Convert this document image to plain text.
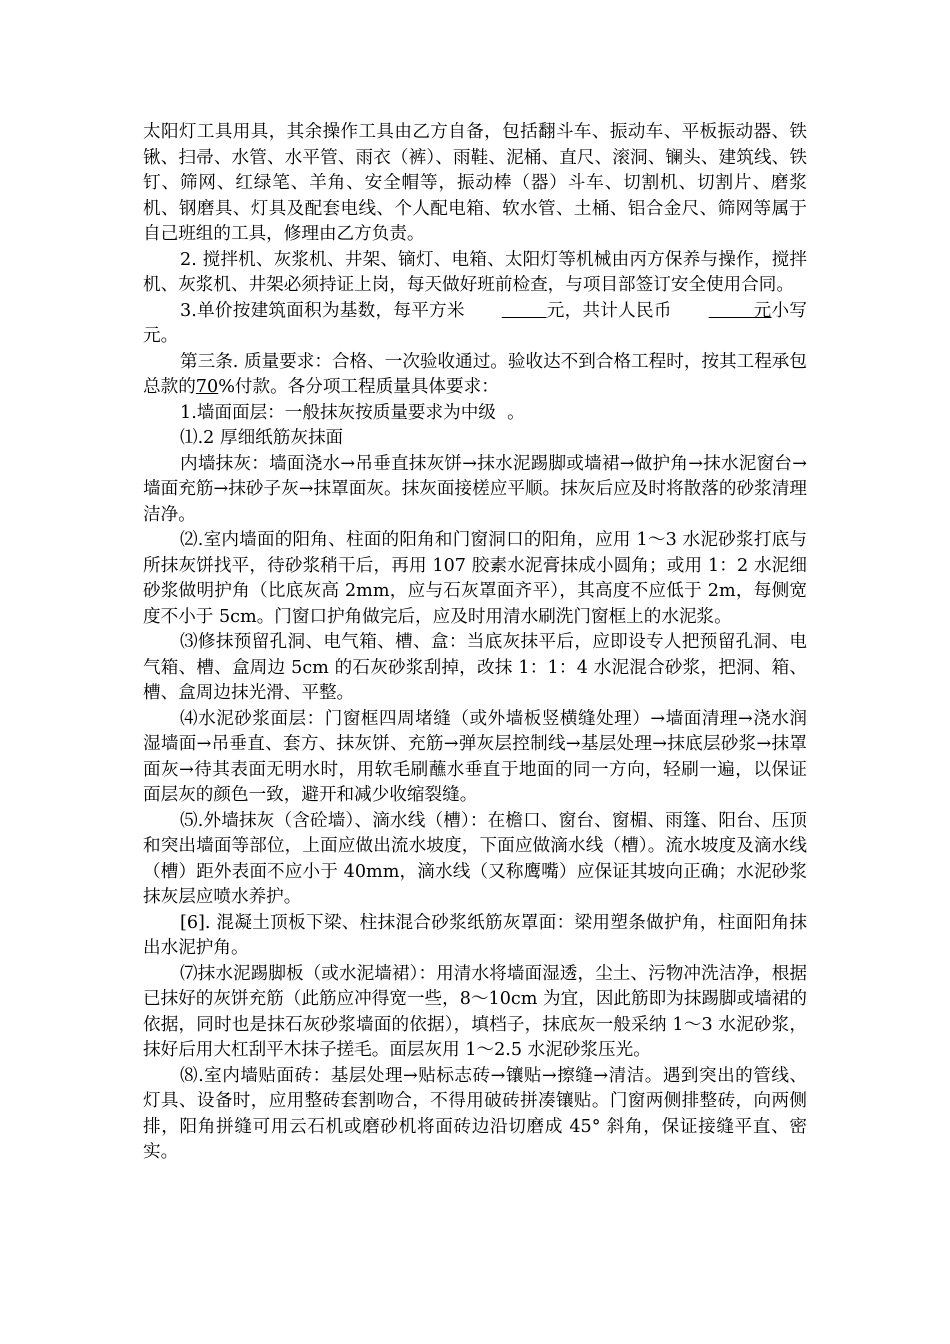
太阳灯工具用具，其余操作工具由乙方自备，包括翻斗车、振动车、平板振动器、铁锹、扫帚、水管、水平管、雨衣（裤）、雨鞋、泥桶、直尺、滚洞、镧头、建筑线、铁钉、筛网、红绿笔、羊角、安全帽等，振动棒（器）斗车、切割机、切割片、磨浆机、钢磨具、灯具及配套电线、个人配电箱、软水管、土桶、铝合金尺、筛网等属于自己班组的工具，修理由乙方负责。

2. 搅拌机、灰浆机、井架、镝灯、电箱、太阳灯等机械由丙方保养与操作，搅拌机、灰浆机、井架必须持证上岗，每天做好班前检查，与项目部签订安全使用合同。

3.单价按建筑面积为基数，每平方米	元，共计人民币	元小写元。

第三条. 质量要求：合格、一次验收通过。验收达不到合格工程时，按其工程承包总款的70%付款。各分项工程质量具体要求：

1.墙面面层：一般抹灰按质量要求为中级  。

⑴.2 厚细纸筋灰抹面

内墙抹灰：墙面浇水→吊垂直抹灰饼→抹水泥踢脚或墙裙→做护角→抹水泥窗台→墙面充筋→抹砂子灰→抹罩面灰。抹灰面接槎应平顺。抹灰后应及时将散落的砂浆清理洁净。

⑵.室内墙面的阳角、柱面的阳角和门窗洞口的阳角，应用 1～3 水泥砂浆打底与所抹灰饼找平，待砂浆稍干后，再用 107 胶素水泥膏抹成小圆角；或用 1：2 水泥细砂浆做明护角（比底灰高 2mm，应与石灰罩面齐平），其高度不应低于 2m，每侧宽度不小于 5cm。门窗口护角做完后，应及时用清水刷洗门窗框上的水泥浆。

⑶修抹预留孔洞、电气箱、槽、盒：当底灰抹平后，应即设专人把预留孔洞、电气箱、槽、盒周边 5cm 的石灰砂浆刮掉，改抹 1：1：4 水泥混合砂浆，把洞、箱、槽、盒周边抹光滑、平整。

⑷水泥砂浆面层：门窗框四周堵缝（或外墙板竖横缝处理）→墙面清理→浇水润湿墙面→吊垂直、套方、抹灰饼、充筋→弹灰层控制线→基层处理→抹底层砂浆→抹罩面灰→待其表面无明水时，用软毛刷蘸水垂直于地面的同一方向，轻刷一遍，以保证面层灰的颜色一致，避开和减少收缩裂缝。

⑸.外墙抹灰（含砼墙）、滴水线（槽）：在檐口、窗台、窗楣、雨篷、阳台、压顶和突出墙面等部位，上面应做出流水坡度，下面应做滴水线（槽）。流水坡度及滴水线（槽）距外表面不应小于 40mm，滴水线（又称鹰嘴）应保证其坡向正确；水泥砂浆抹灰层应喷水养护。

[6]. 混凝土顶板下梁、柱抹混合砂浆纸筋灰罩面：梁用塑条做护角，柱面阳角抹出水泥护角。

⑺抹水泥踢脚板（或水泥墙裙）：用清水将墙面湿透，尘土、污物冲洗洁净，根据已抹好的灰饼充筋（此筋应冲得宽一些，8～10cm 为宜，因此筋即为抹踢脚或墙裙的依据，同时也是抹石灰砂浆墙面的依据），填档子，抹底灰一般采纳 1～3 水泥砂浆，抹好后用大杠刮平木抹子搓毛。面层灰用 1～2.5 水泥砂浆压光。

⑻.室内墙贴面砖：基层处理→贴标志砖→镶贴→擦缝→清洁。遇到突出的管线、灯具、设备时，应用整砖套割吻合，不得用破砖拼凑镶贴。门窗两侧排整砖，向两侧排，阳角拼缝可用云石机或磨砂机将面砖边沿切磨成 45° 斜角，保证接缝平直、密实。
